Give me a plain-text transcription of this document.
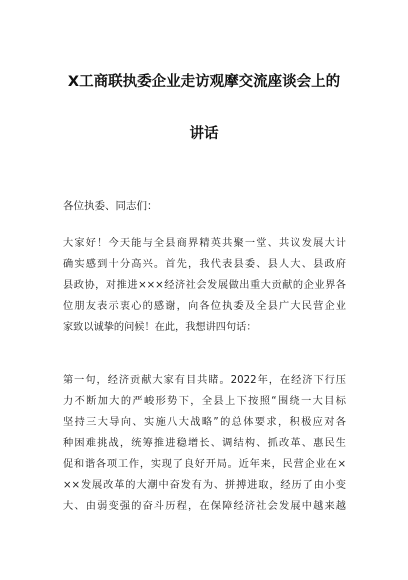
X工商联执委企业走访观摩交流座谈会上的
讲话
各位执委、同志们：
大家好！今天能与全县商界精英共聚一堂、共议发展大计
确实感到十分高兴。首先，我代表县委、县人大、县政府
县政协，对推进×××经济社会发展做出重大贡献的企业界各
位朋友表示衷心的感谢，向各位执委及全县广大民营企业
家致以诚挚的问候！在此，我想讲四句话：
第一句，经济贡献大家有目共睹。2022年，在经济下行压
力不断加大的严峻形势下，全县上下按照“围绕一大目标
坚持三大导向、实施八大战略”的总体要求，积极应对各
种困难挑战，统筹推进稳增长、调结构、抓改革、惠民生
促和谐各项工作，实现了良好开局。近年来，民营企业在×
××发展改革的大潮中奋发有为、拼搏进取，经历了由小变
大、由弱变强的奋斗历程，在保障经济社会发展中越来越
